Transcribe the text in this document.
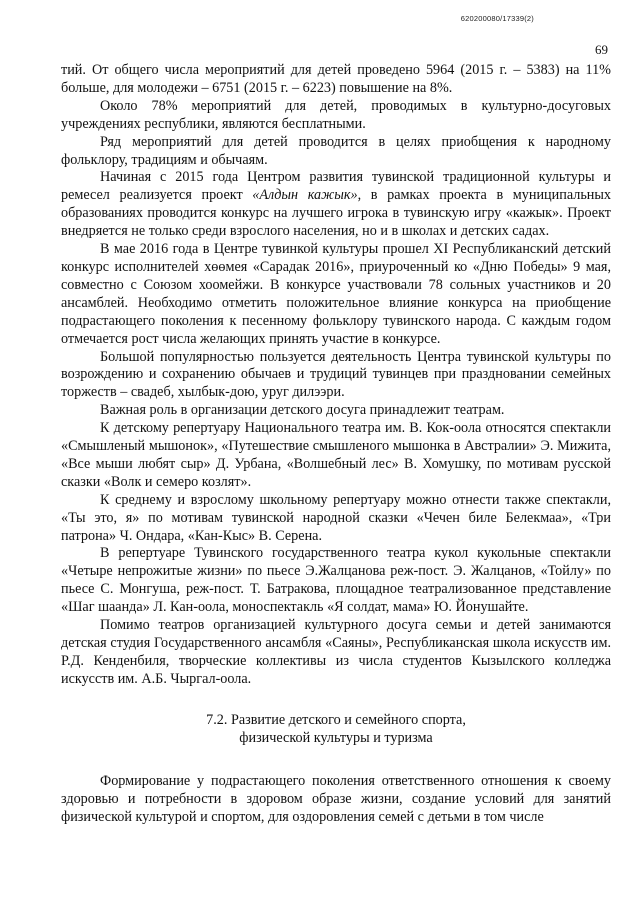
620200080/17339(2)
69

тий. От общего числа мероприятий для детей проведено 5964 (2015 г. – 5383) на 11% больше, для молодежи – 6751 (2015 г. – 6223) повышение на 8%.

Около 78% мероприятий для детей, проводимых в культурно-досуговых учреждениях республики, являются бесплатными.

Ряд мероприятий для детей проводится в целях приобщения к народному фольклору, традициям и обычаям.

Начиная с 2015 года Центром развития тувинской традиционной культуры и ремесел реализуется проект «Алдын кажык», в рамках проекта в муниципальных образованиях проводится конкурс на лучшего игрока в тувинскую игру «кажык». Проект внедряется не только среди взрослого населения, но и в школах и детских садах.

В мае 2016 года в Центре тувинкой культуры прошел XI Республиканский детский конкурс исполнителей хөөмея «Сарадак 2016», приуроченный ко «Дню Победы» 9 мая, совместно с Союзом хоомейжи. В конкурсе участвовали 78 сольных участников и 20 ансамблей. Необходимо отметить положительное влияние конкурса на приобщение подрастающего поколения к песенному фольклору тувинского народа. С каждым годом отмечается рост числа желающих принять участие в конкурсе.

Большой популярностью пользуется деятельность Центра тувинской культуры по возрождению и сохранению обычаев и трудиций тувинцев при праздновании семейных торжеств – свадеб, хылбык-дою, уруг дилээри.

Важная роль в организации детского досуга принадлежит театрам.

К детскому репертуару Национального театра им. В. Кок-оола относятся спектакли «Смышленый мышонок», «Путешествие смышленого мышонка в Австралии» Э. Мижита, «Все мыши любят сыр» Д. Урбана, «Волшебный лес» В. Хомушку, по мотивам русской сказки «Волк и семеро козлят».

К среднему и взрослому школьному репертуару можно отнести также спектакли, «Ты это, я» по мотивам тувинской народной сказки «Чечен биле Белекмаа», «Три патрона» Ч. Ондара, «Кан-Кыс» В. Серена.

В репертуаре Тувинского государственного театра кукол кукольные спектакли «Четыре непрожитые жизни» по пьесе Э.Жалцанова реж-пост. Э. Жалцанов, «Тойлу» по пьесе С. Монгуша, реж-пост. Т. Батракова, площадное театрализованное представление «Шаг шаанда» Л. Кан-оола, моноспектакль «Я солдат, мама» Ю. Йонушайте.

Помимо театров организацией культурного досуга семьи и детей занимаются детская студия Государственного ансамбля «Саяны», Республиканская школа искусств им. Р.Д. Кенденбиля, творческие коллективы из числа студентов Кызылского колледжа искусств им. А.Б. Чыргал-оола.

7.2. Развитие детского и семейного спорта,
физической культуры и туризма

Формирование у подрастающего поколения ответственного отношения к своему здоровью и потребности в здоровом образе жизни, создание условий для занятий физической культурой и спортом, для оздоровления семей с детьми в том числе
